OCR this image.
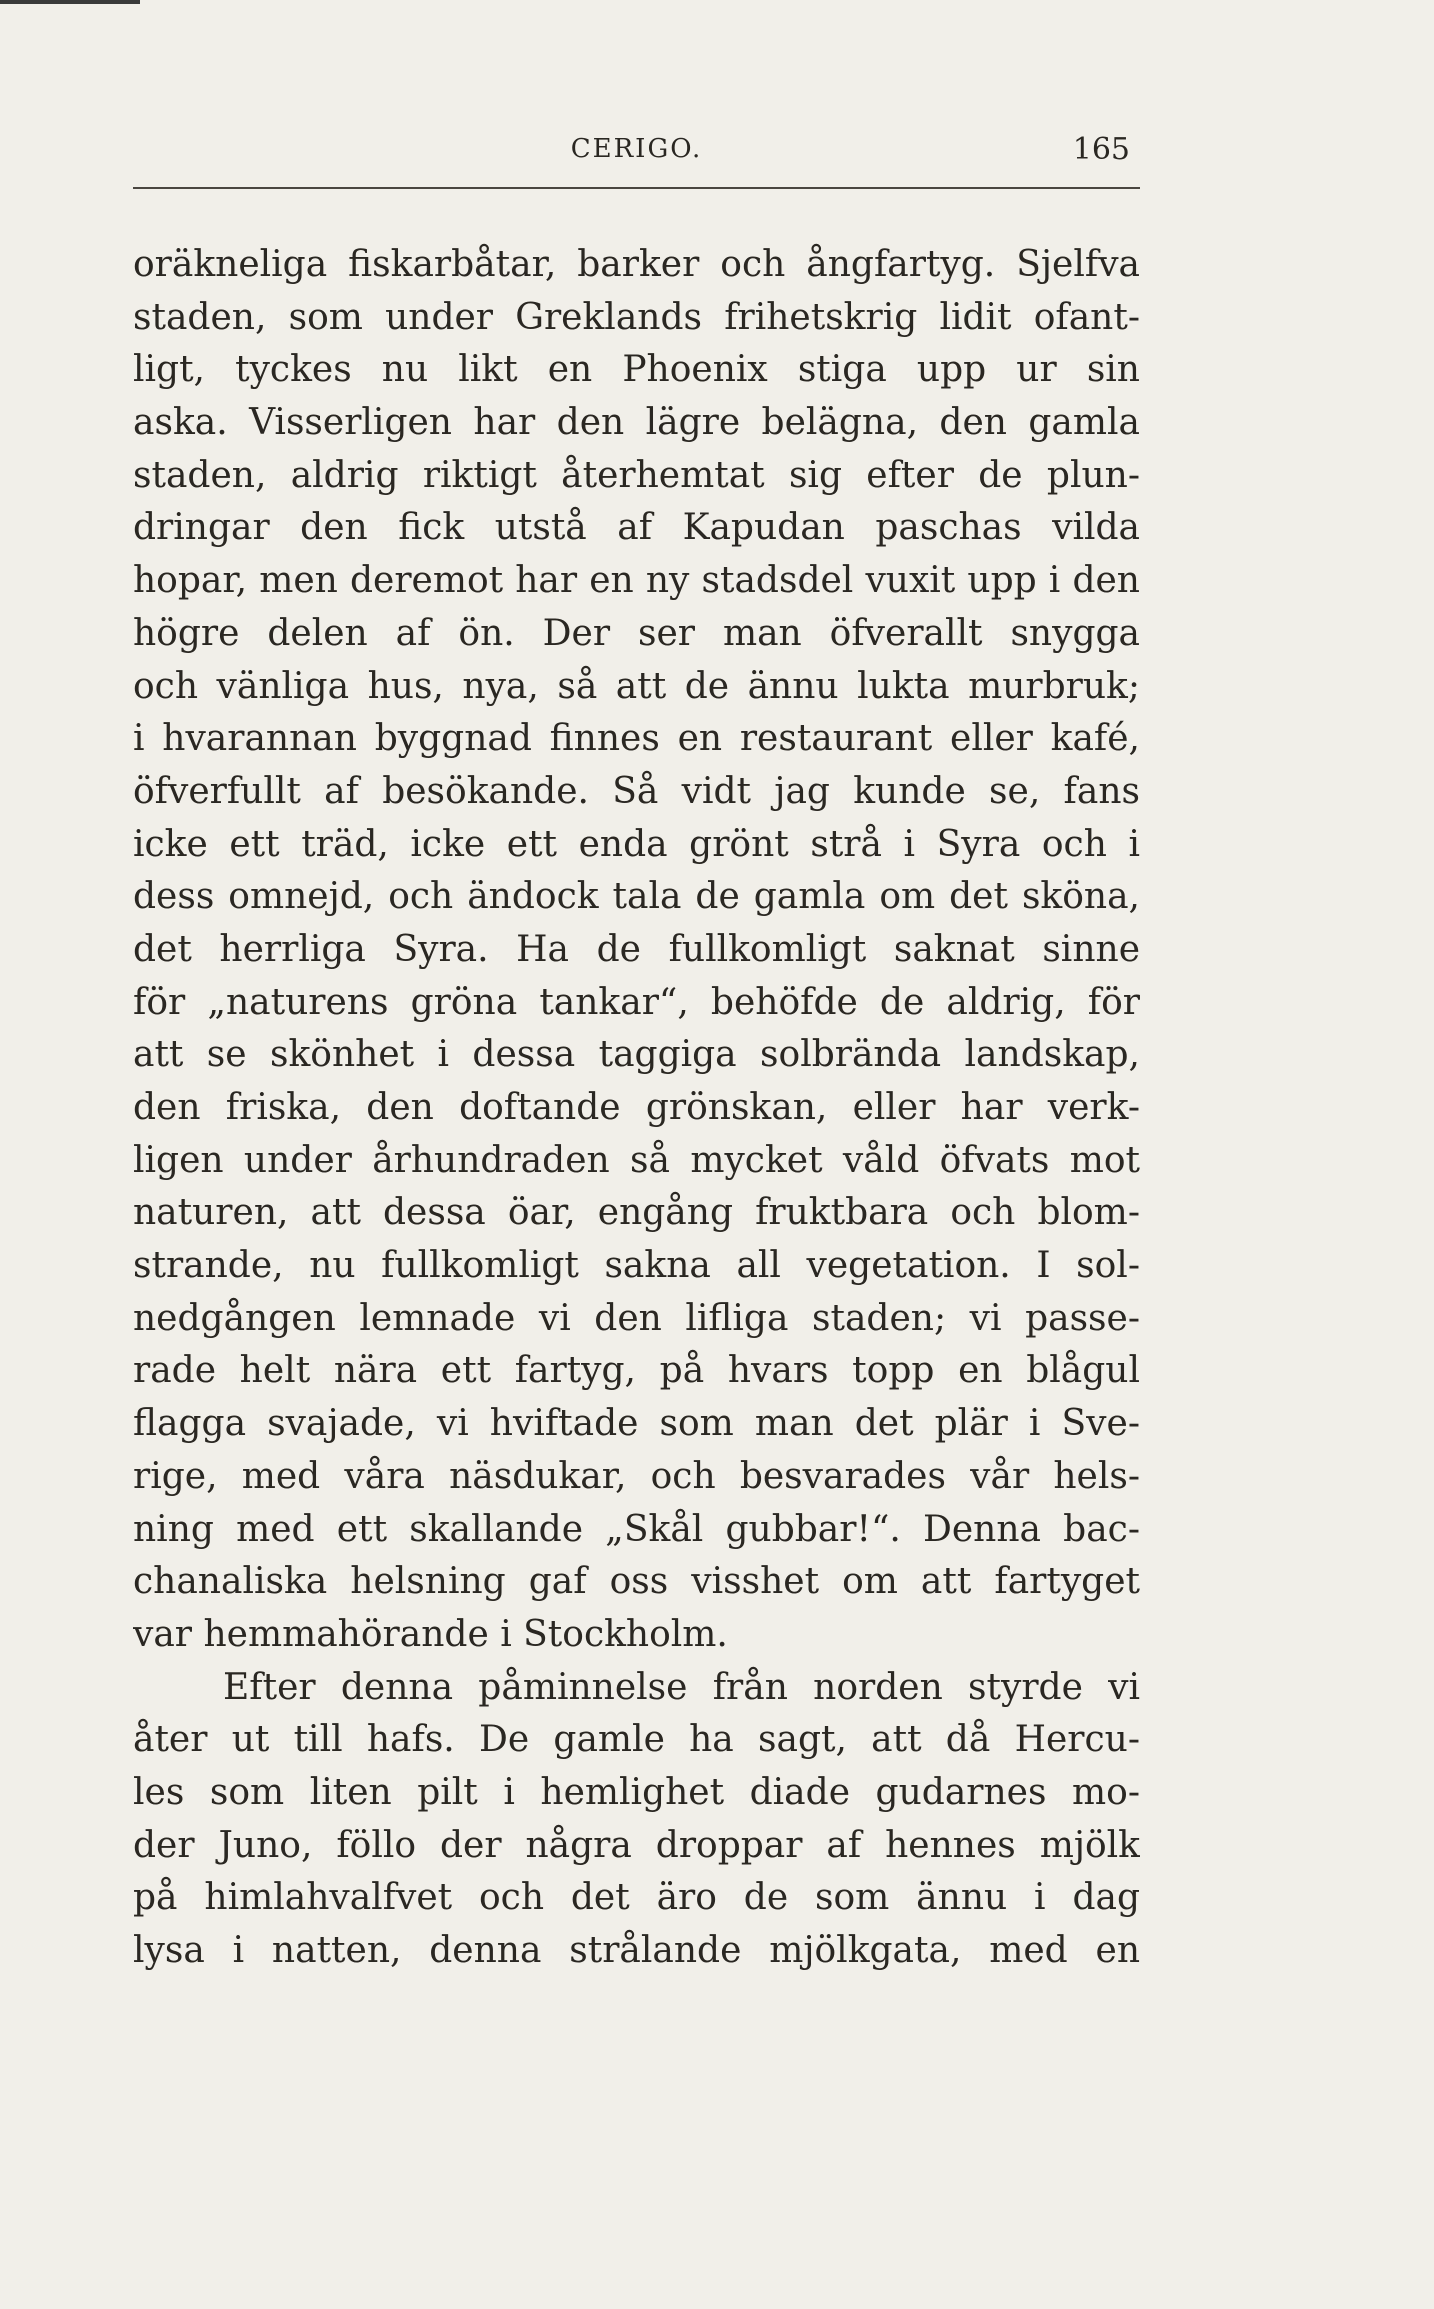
CERIGO.	165
oräkneliga fiskarbåtar, barker och ångfartyg. Sjelfva
staden, som under Greklands frihetskrig lidit ofant-
ligt, tyckes nu likt en Phoenix stiga upp ur sin
aska. Visserligen har den lägre belägna, den gamla
staden, aldrig riktigt återhemtat sig efter de plun-
dringar den fick utstå af Kapudan paschas vilda
hopar, men deremot har en ny stadsdel vuxit upp i den
högre delen af ön. Der ser man öfverallt snygga
och vänliga hus, nya, så att de ännu lukta murbruk;
i hvarannan byggnad finnes en restaurant eller kafé,
öfverfullt af besökande. Så vidt jag kunde se, fans
icke ett träd, icke ett enda grönt strå i Syra och i
dess omnejd, och ändock tala de gamla om det sköna,
det herrliga Syra. Ha de fullkomligt saknat sinne
för „naturens gröna tankar“, behöfde de aldrig, för
att se skönhet i dessa taggiga solbrända landskap,
den friska, den doftande grönskan, eller har verk-
ligen under århundraden så mycket våld öfvats mot
naturen, att dessa öar, engång fruktbara och blom-
strande, nu fullkomligt sakna all vegetation. I sol-
nedgången lemnade vi den lifliga staden; vi passe-
rade helt nära ett fartyg, på hvars topp en blågul
flagga svajade, vi hviftade som man det plär i Sve-
rige, med våra näsdukar, och besvarades vår hels-
ning med ett skallande „Skål gubbar!“. Denna bac-
chanaliska helsning gaf oss visshet om att fartyget
var hemmahörande i Stockholm.
Efter denna påminnelse från norden styrde vi
åter ut till hafs. De gamle ha sagt, att då Hercu-
les som liten pilt i hemlighet diade gudarnes mo-
der Juno, föllo der några droppar af hennes mjölk
på himlahvalfvet och det äro de som ännu i dag
lysa i natten, denna strålande mjölkgata, med en
